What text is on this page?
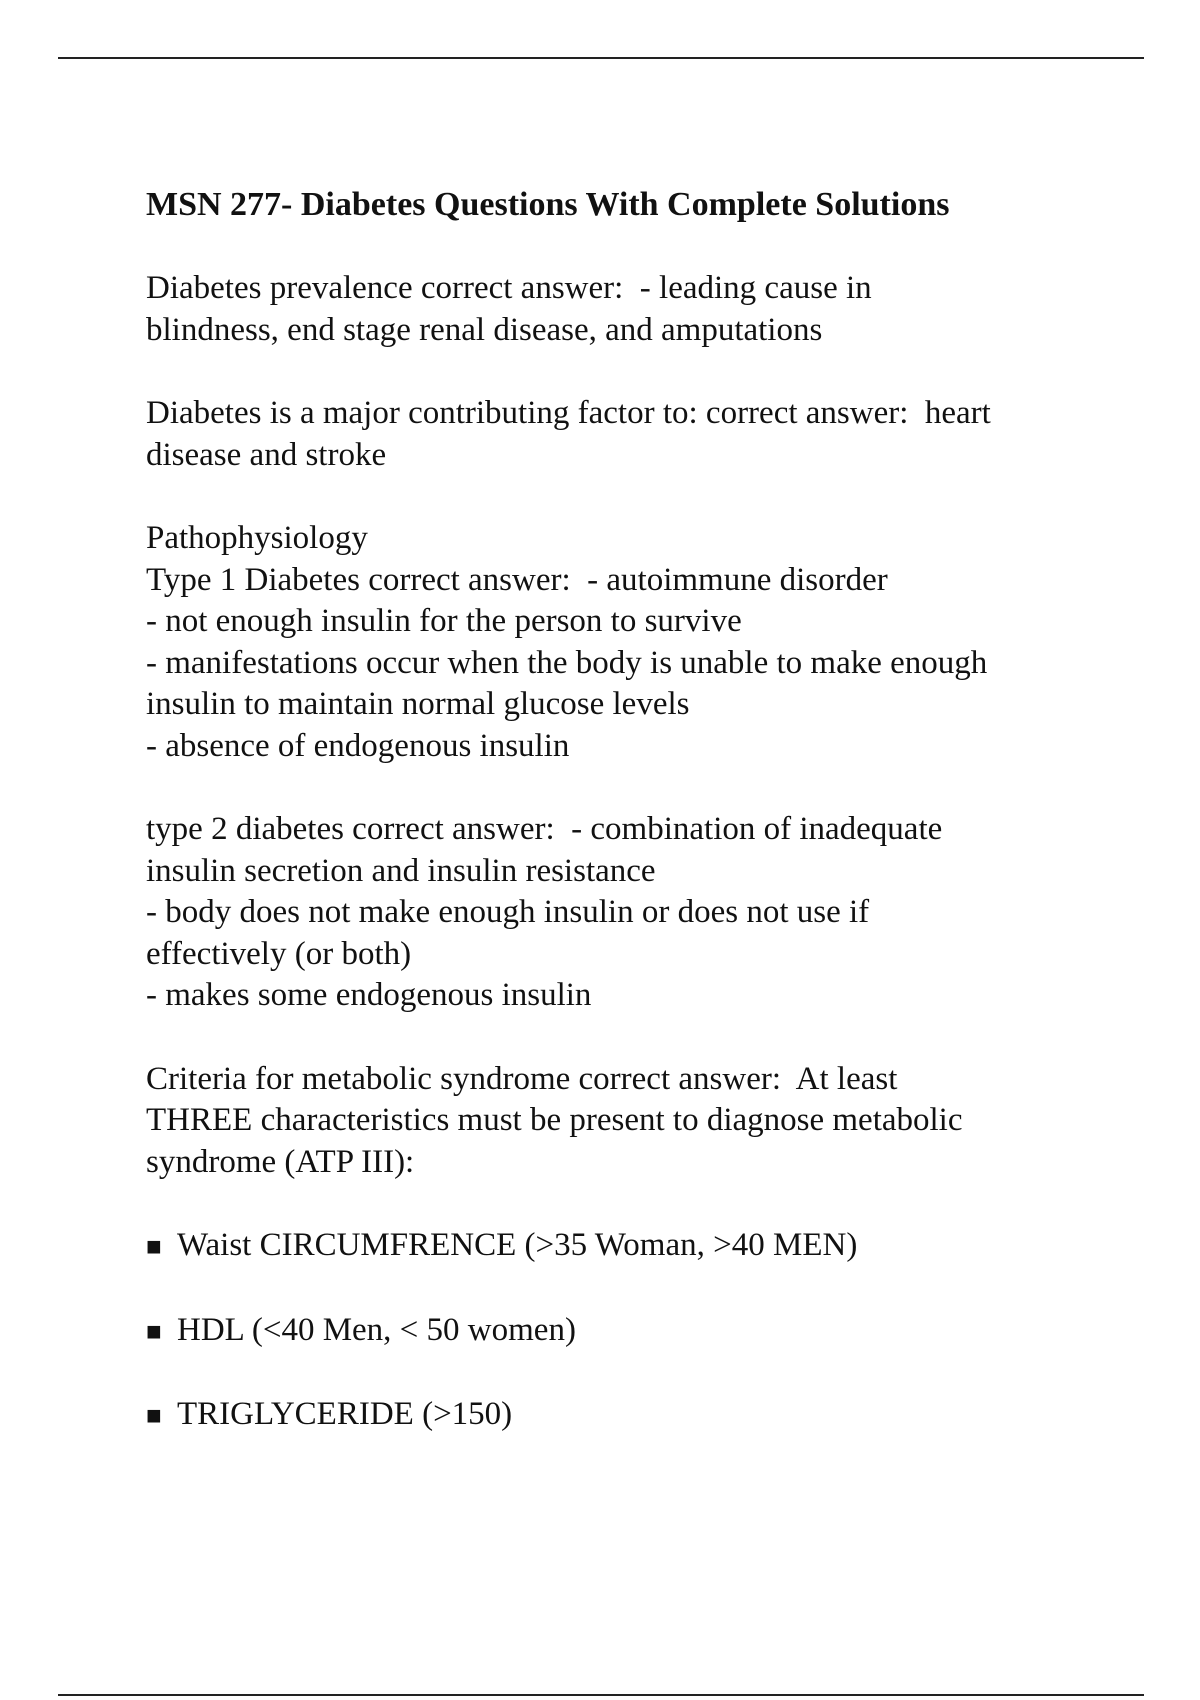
MSN 277- Diabetes Questions With Complete Solutions
Diabetes prevalence correct answer:  - leading cause in
blindness, end stage renal disease, and amputations
Diabetes is a major contributing factor to: correct answer:  heart
disease and stroke
Pathophysiology
Type 1 Diabetes correct answer:  - autoimmune disorder
- not enough insulin for the person to survive
- manifestations occur when the body is unable to make enough
insulin to maintain normal glucose levels
- absence of endogenous insulin
type 2 diabetes correct answer:  - combination of inadequate
insulin secretion and insulin resistance
- body does not make enough insulin or does not use if
effectively (or both)
- makes some endogenous insulin
Criteria for metabolic syndrome correct answer:  At least
THREE characteristics must be present to diagnose metabolic
syndrome (ATP III):
■ Waist CIRCUMFRENCE (>35 Woman, >40 MEN)
■ HDL (<40 Men, < 50 women)
■ TRIGLYCERIDE (>150)
